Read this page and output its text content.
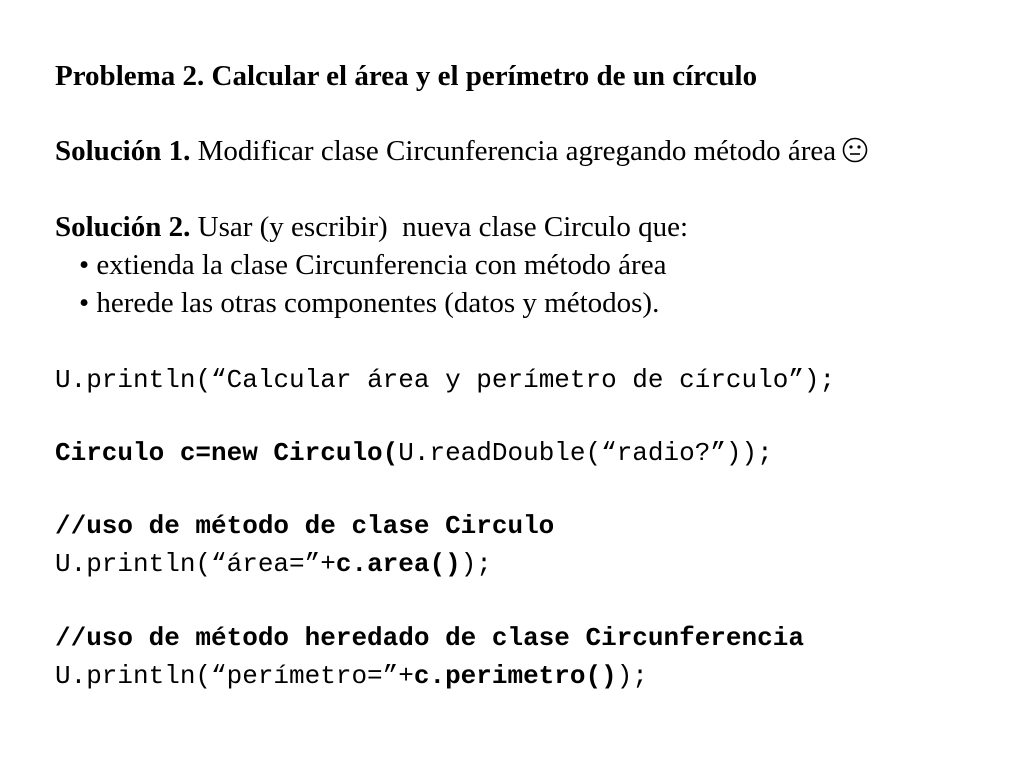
Problema 2. Calcular el área y el perímetro de un círculo
Solución 1. Modificar clase Circunferencia agregando método área
Solución 2. Usar (y escribir)  nueva clase Circulo que:
• extienda la clase Circunferencia con método área
• herede las otras componentes (datos y métodos).
U.println(“Calcular área y perímetro de círculo”);
Circulo c=new Circulo(U.readDouble(“radio?”));
//uso de método de clase Circulo
U.println(“área=”+c.area());
//uso de método heredado de clase Circunferencia
U.println(“perímetro=”+c.perimetro());
